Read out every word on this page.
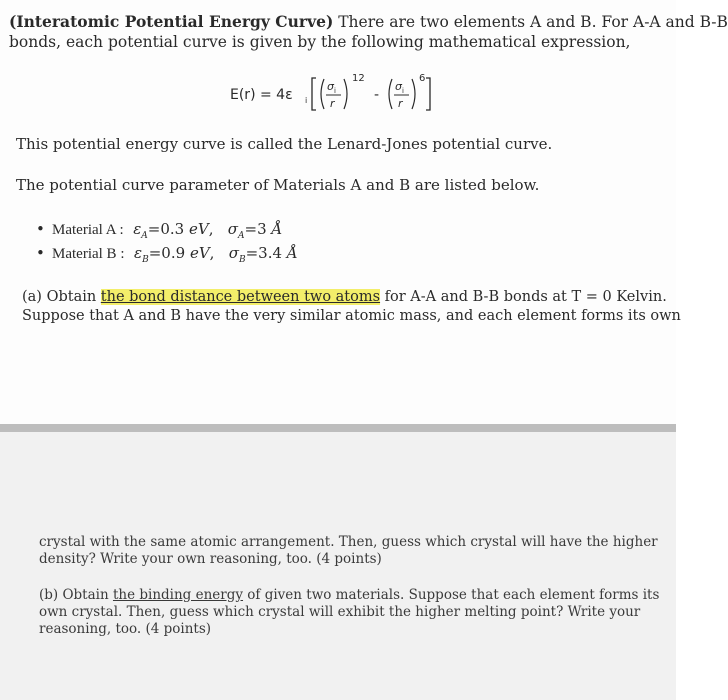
(Interatomic Potential Energy Curve) There are two elements A and B. For A-A and B-B
bonds, each potential curve is given by the following mathematical expression,
E(r) = 4ε i
σ i
r
12
-
σ i
r
6
This potential energy curve is called the Lenard-Jones potential curve.
The potential curve parameter of Materials A and B are listed below.
• Material A : $\varepsilon_A=0.3$ eV,   $\sigma_A=3$ Å
• Material B : $\varepsilon_B=0.9$ eV,   $\sigma_B=3.4$ Å
(a) Obtain the bond distance between two atoms for A-A and B-B bonds at T = 0 Kelvin.
Suppose that A and B have the very similar atomic mass, and each element forms its own
crystal with the same atomic arrangement. Then, guess which crystal will have the higher
density? Write your own reasoning, too. (4 points)
(b) Obtain the binding energy of given two materials. Suppose that each element forms its
own crystal. Then, guess which crystal will exhibit the higher melting point? Write your
reasoning, too. (4 points)
